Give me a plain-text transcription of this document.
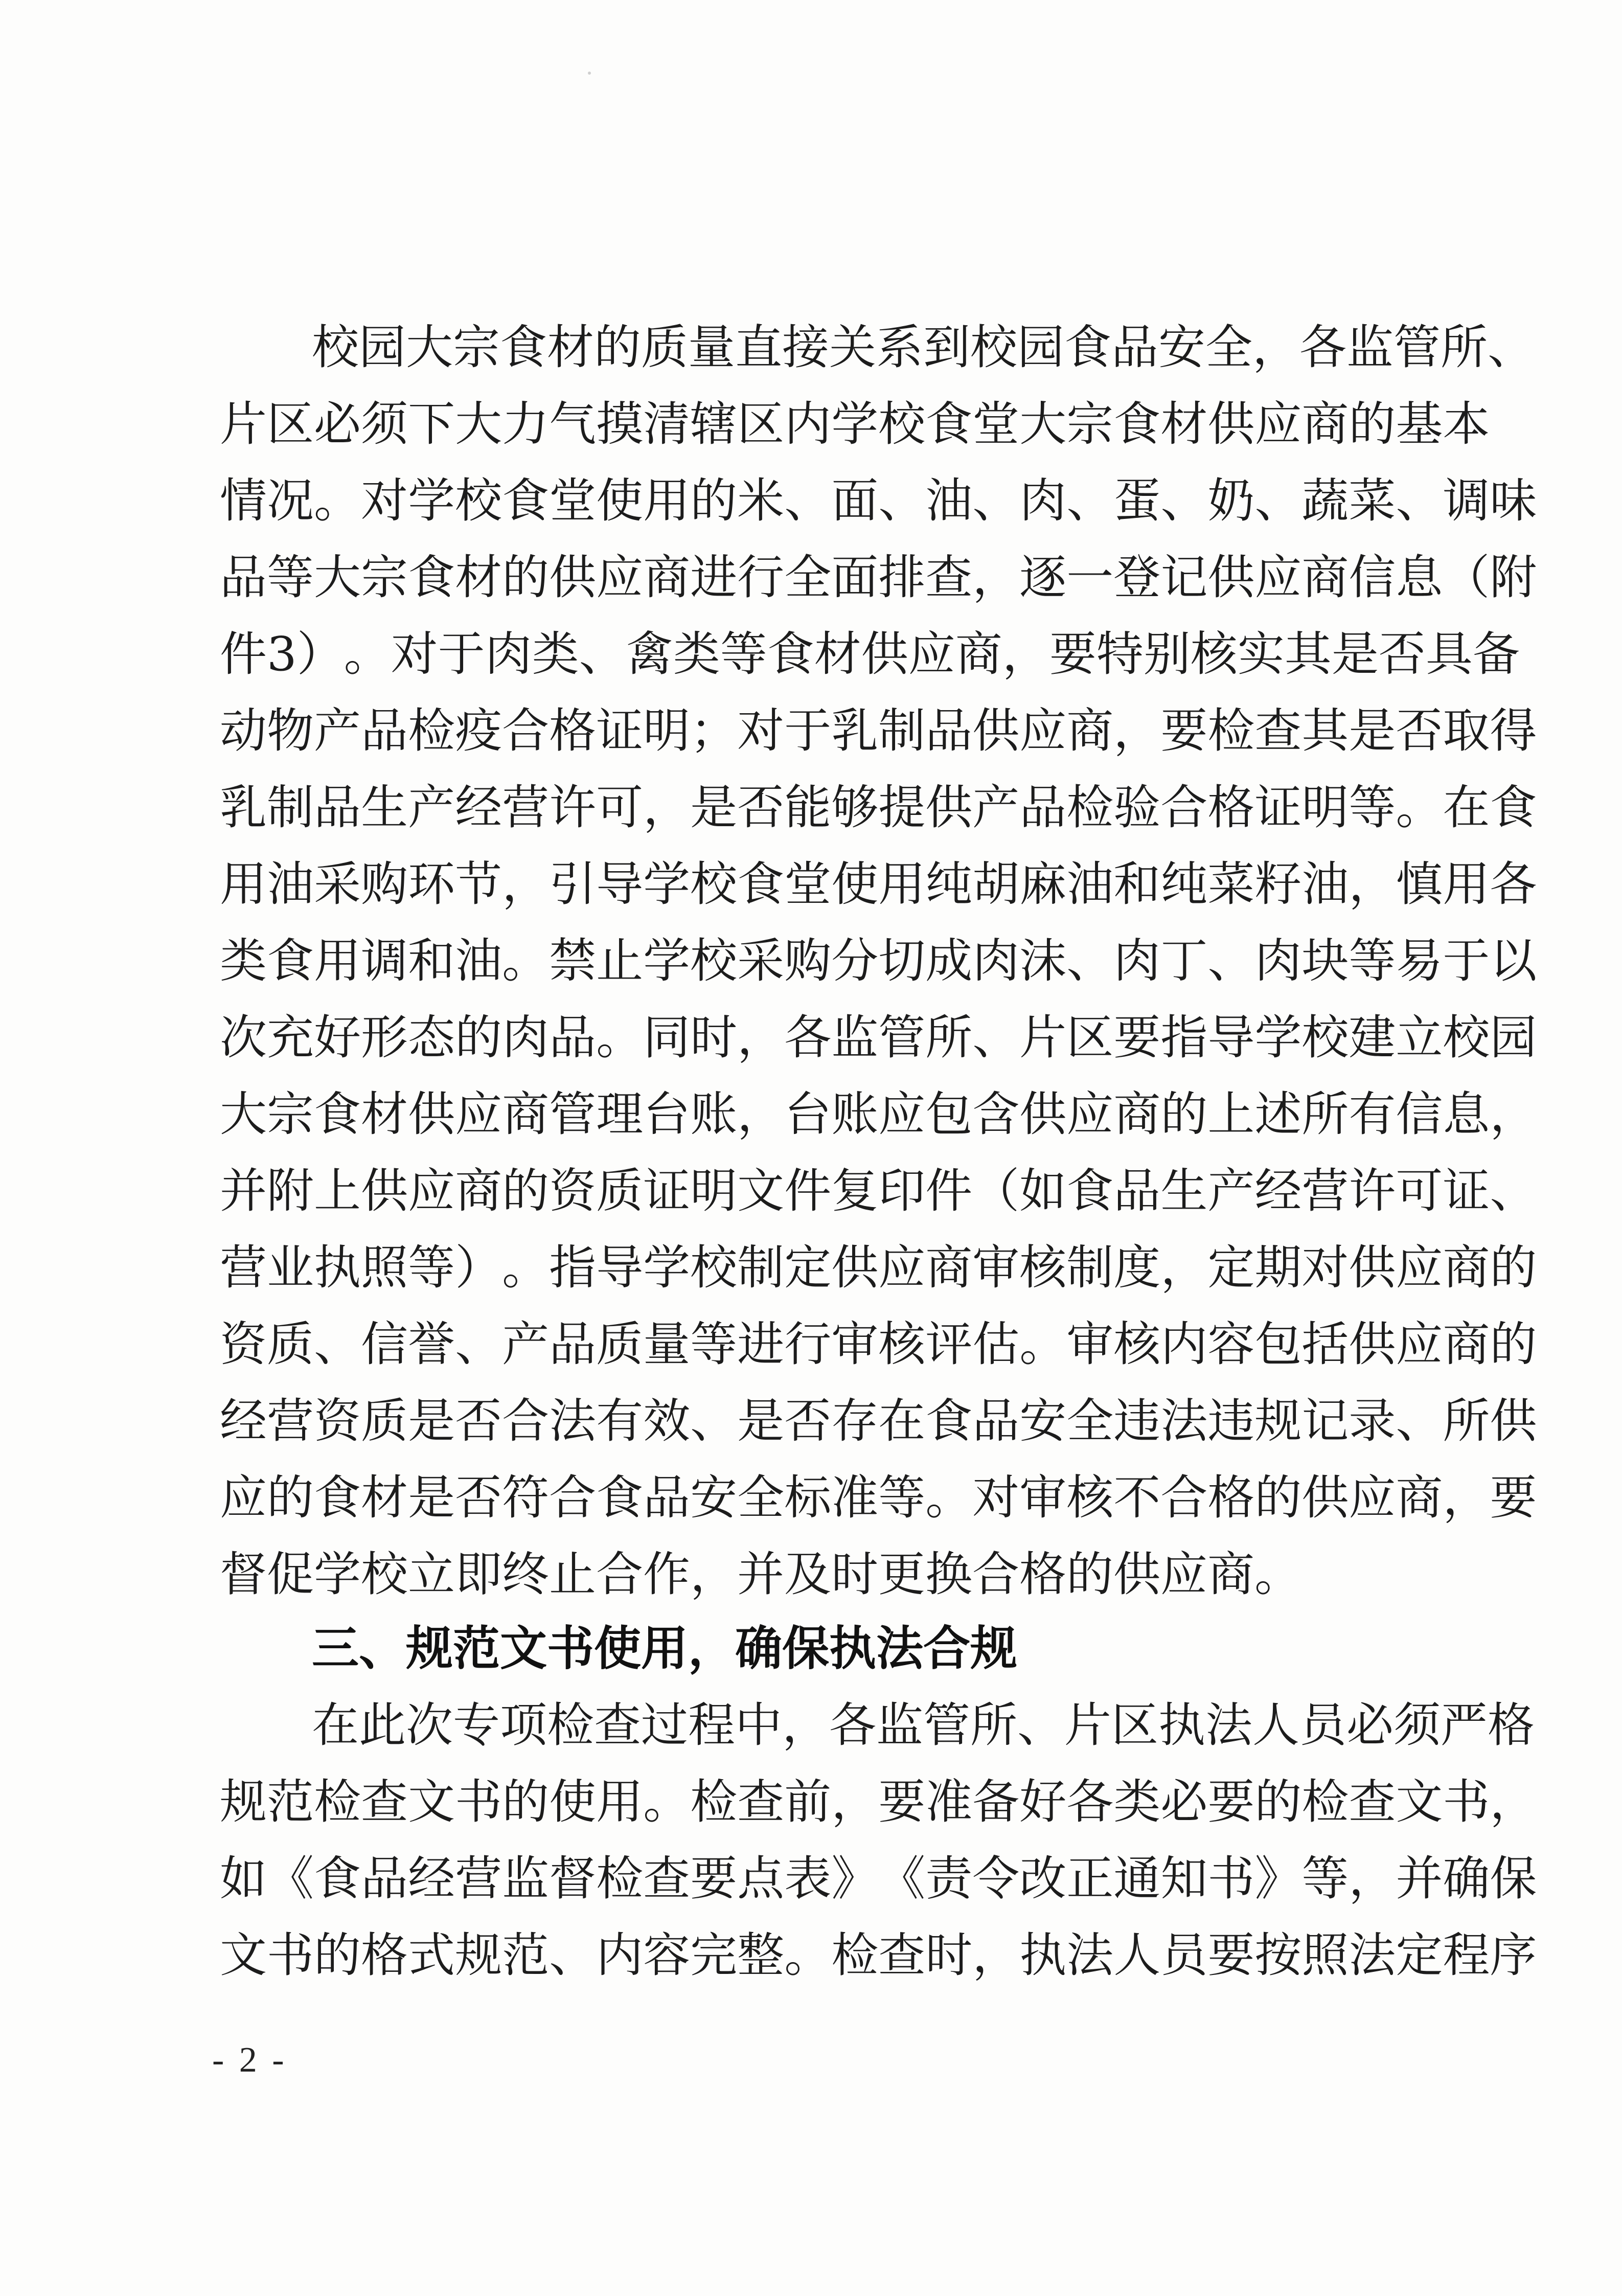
校园大宗食材的质量直接关系到校园食品安全，各监管所、
片 区 必 须 下 大 力 气 摸 清 辖 区 内 学 校 食 堂 大 宗 食 材 供 应 商 的 基 本
情 况 。 对 学 校 食 堂 使 用 的 米 、 面 、 油 、 肉 、 蛋 、 奶 、 蔬 菜 、 调 味
品 等 大 宗 食 材 的 供 应 商 进 行 全 面 排 查 ， 逐 一 登 记 供 应 商 信 息 （ 附
件 3 ） 。 对 于 肉 类 、 禽 类 等 食 材 供 应 商 ， 要 特 别 核 实 其 是 否 具 备
动 物 产 品 检 疫 合 格 证 明 ； 对 于 乳 制 品 供 应 商 ， 要 检 查 其 是 否 取 得
乳 制 品 生 产 经 营 许 可 ， 是 否 能 够 提 供 产 品 检 验 合 格 证 明 等 。 在 食
用 油 采 购 环 节 ， 引 导 学 校 食 堂 使 用 纯 胡 麻 油 和 纯 菜 籽 油 ， 慎 用 各
类 食 用 调 和 油 。 禁 止 学 校 采 购 分 切 成 肉 沫 、 肉 丁 、 肉 块 等 易 于 以
次 充 好 形 态 的 肉 品 。 同 时 ， 各 监 管 所 、 片 区 要 指 导 学 校 建 立 校 园
大 宗 食 材 供 应 商 管 理 台 账 ， 台 账 应 包 含 供 应 商 的 上 述 所 有 信 息 ，
并 附 上 供 应 商 的 资 质 证 明 文 件 复 印 件 （ 如 食 品 生 产 经 营 许 可 证 、
营 业 执 照 等 ） 。 指 导 学 校 制 定 供 应 商 审 核 制 度 ， 定 期 对 供 应 商 的
资 质 、 信 誉 、 产 品 质 量 等 进 行 审 核 评 估 。 审 核 内 容 包 括 供 应 商 的
经 营 资 质 是 否 合 法 有 效 、 是 否 存 在 食 品 安 全 违 法 违 规 记 录 、 所 供
应 的 食 材 是 否 符 合 食 品 安 全 标 准 等 。 对 审 核 不 合 格 的 供 应 商 ， 要
督促学校立即终止合作，并及时更换合格的供应商。
三、规范文书使用，确保执法合规
在此次专项检查过程中，各监管所、片区执法人员必须严格
规 范 检 查 文 书 的 使 用 。 检 查 前 ， 要 准 备 好 各 类 必 要 的 检 查 文 书 ，
如 《 食 品 经 营 监 督 检 查 要 点 表 》 《 责 令 改 正 通 知 书 》 等 ， 并 确 保
文 书 的 格 式 规 范 、 内 容 完 整 。 检 查 时 ， 执 法 人 员 要 按 照 法 定 程 序
- 2 -
